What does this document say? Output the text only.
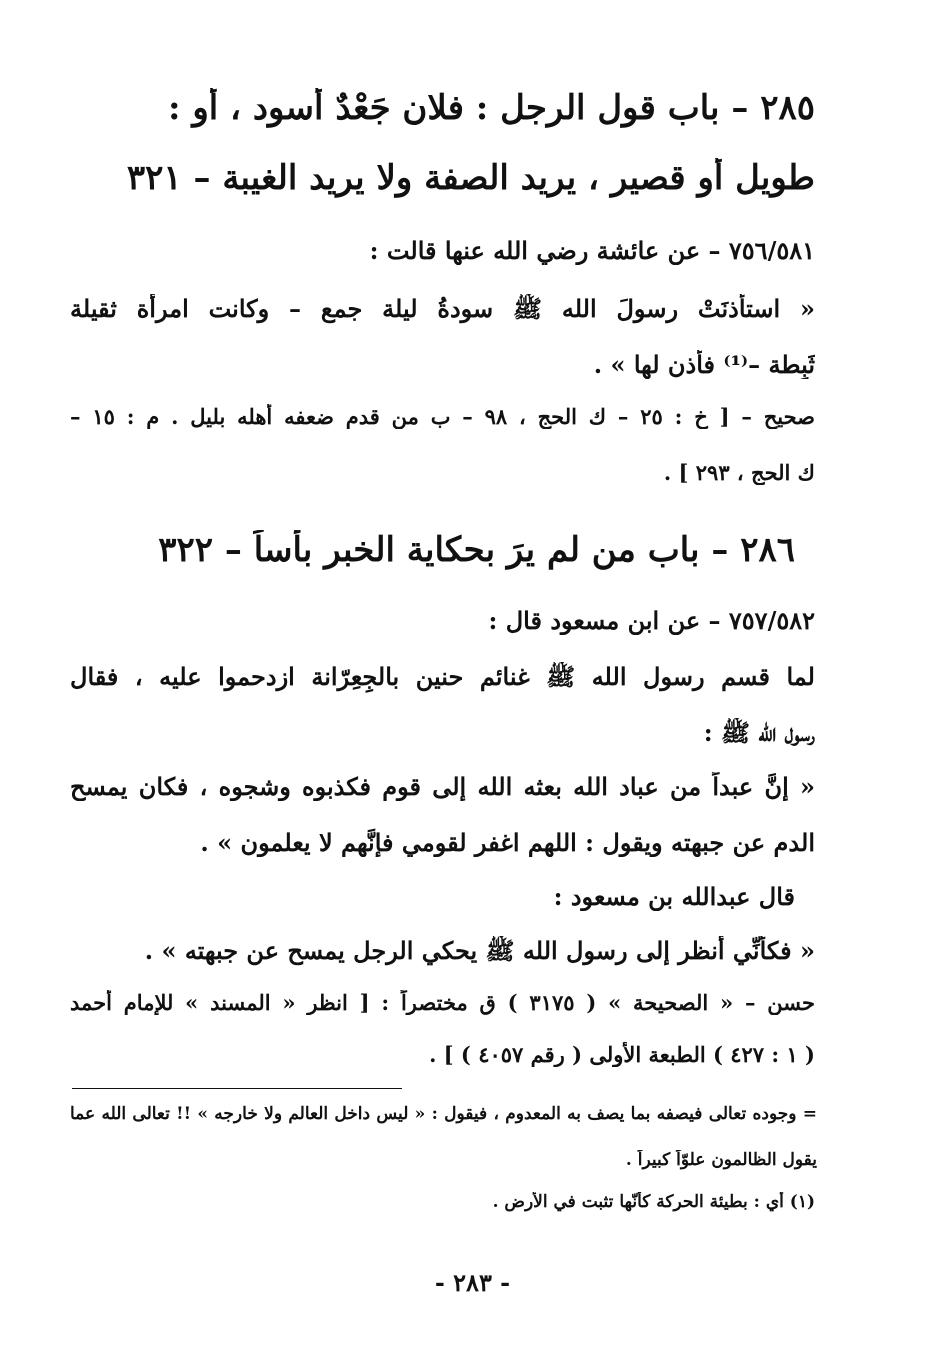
٢٨٥ – باب قول الرجل : فلان جَعْدٌ أسود ، أو :
طويل أو قصير ، يريد الصفة ولا يريد الغيبة – ٣٢١
٧٥٦/٥٨١ – عن عائشة رضي الله عنها قالت :
« استأذنَتْ رسولَ الله ﷺ سودةُ ليلة جمع – وكانت امرأة ثقيلة
ثَبِطة –⁽¹⁾ فأذن لها » .
صحيح – [ خ : ٢٥ – ك الحج ، ٩٨ – ب من قدم ضعفه أهله بليل . م : ١٥ –
ك الحج ، ٢٩٣ ] .
٢٨٦ – باب من لم يرَ بحكاية الخبر بأساً – ٣٢٢
٧٥٧/٥٨٢ – عن ابن مسعود قال :
لما قسم رسول الله ﷺ غنائم حنين بالجِعِرّانة ازدحموا عليه ، فقال
رسول الله ﷺ :
« إنَّ عبداً من عباد الله بعثه الله إلى قوم فكذبوه وشجوه ، فكان يمسح
الدم عن جبهته ويقول : اللهم اغفر لقومي فإنَّهم لا يعلمون » .
قال عبدالله بن مسعود :
« فكأنِّي أنظر إلى رسول الله ﷺ يحكي الرجل يمسح عن جبهته » .
حسن – « الصحيحة » ( ٣١٧٥ ) ق مختصراً : [ انظر « المسند » للإمام أحمد
( ١ : ٤٢٧ ) الطبعة الأولى ( رقم ٤٠٥٧ ) ] .
= وجوده تعالى فيصفه بما يصف به المعدوم ، فيقول : « ليس داخل العالم ولا خارجه » !! تعالى الله عما
يقول الظالمون علوّاً كبيراً .
(١) أي : بطيئة الحركة كأنّها تثبت في الأرض .
- ٢٨٣ -
